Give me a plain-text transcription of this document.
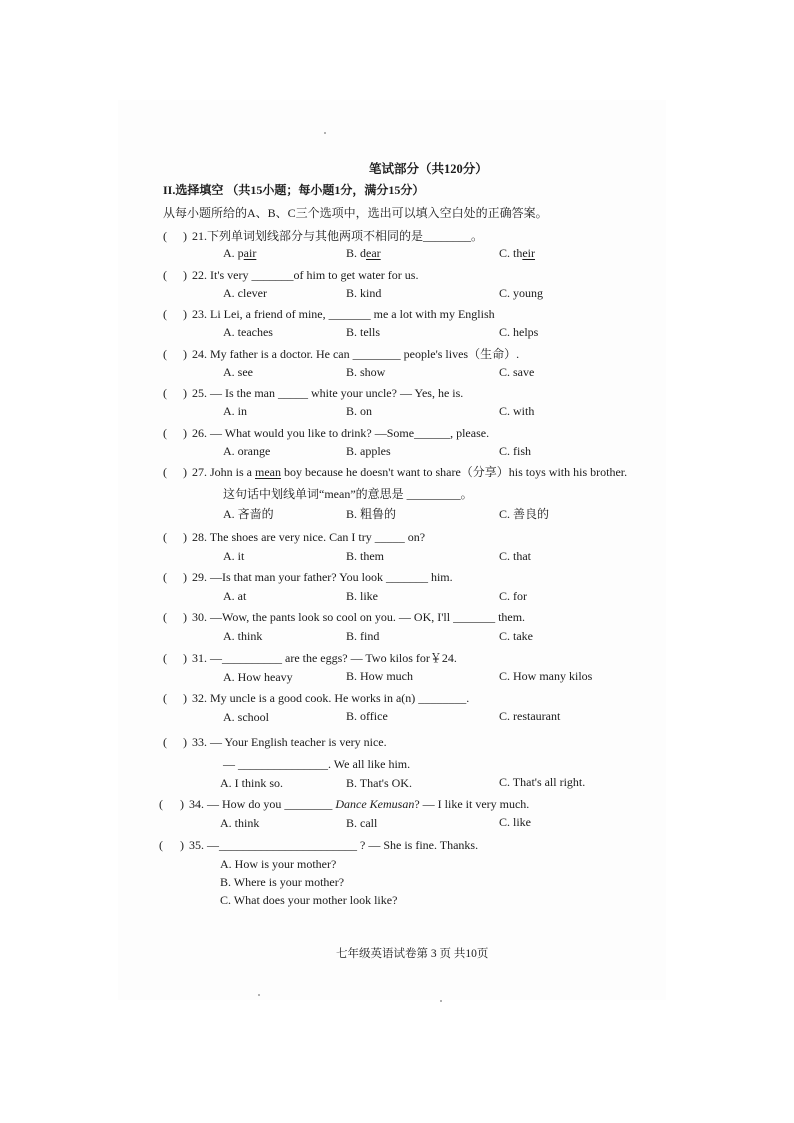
笔试部分（共120分）
II.选择填空 （共15小题；每小题1分，满分15分）
从每小题所给的A、B、C三个选项中，选出可以填入空白处的正确答案。
( ) 21.下列单词划线部分与其他两项不相同的是________。
A. pair	B. dear	C. their
( ) 22. It's very _______of him to get water for us.
A. clever	B. kind	C. young
( ) 23. Li Lei, a friend of mine, _______ me a lot with my English
A. teaches	B. tells	C. helps
( ) 24. My father is a doctor. He can ________ people's lives（生命）.
A. see	B. show	C. save
( ) 25. — Is the man _____ white your uncle? — Yes, he is.
A. in	B. on	C. with
( ) 26. — What would you like to drink? —Some______, please.
A. orange	B. apples	C. fish
( ) 27. John is a mean boy because he doesn't want to share（分享）his toys with his brother.
这句话中划线单词“mean”的意思是 _________。
A. 吝啬的	B. 粗鲁的	C. 善良的
( ) 28. The shoes are very nice. Can I try _____ on?
A. it	B. them	C. that
( ) 29. —Is that man your father? You look _______ him.
A. at	B. like	C. for
( ) 30. —Wow, the pants look so cool on you. — OK, I'll _______ them.
A. think	B. find	C. take
( ) 31. —__________ are the eggs? — Two kilos for￥24.
A. How heavy	B. How much	C. How many kilos
( ) 32. My uncle is a good cook. He works in a(n) ________.
A. school	B. office	C. restaurant
( ) 33. — Your English teacher is very nice.
— _______________. We all like him.
A. I think so.	B. That's OK.	C. That's all right.
( ) 34. — How do you ________ Dance Kemusan? — I like it very much.
A. think	B. call	C. like
( ) 35. —_______________________ ? — She is fine. Thanks.
A. How is your mother?
B. Where is your mother?
C. What does your mother look like?
七年级英语试卷第 3 页 共10页
